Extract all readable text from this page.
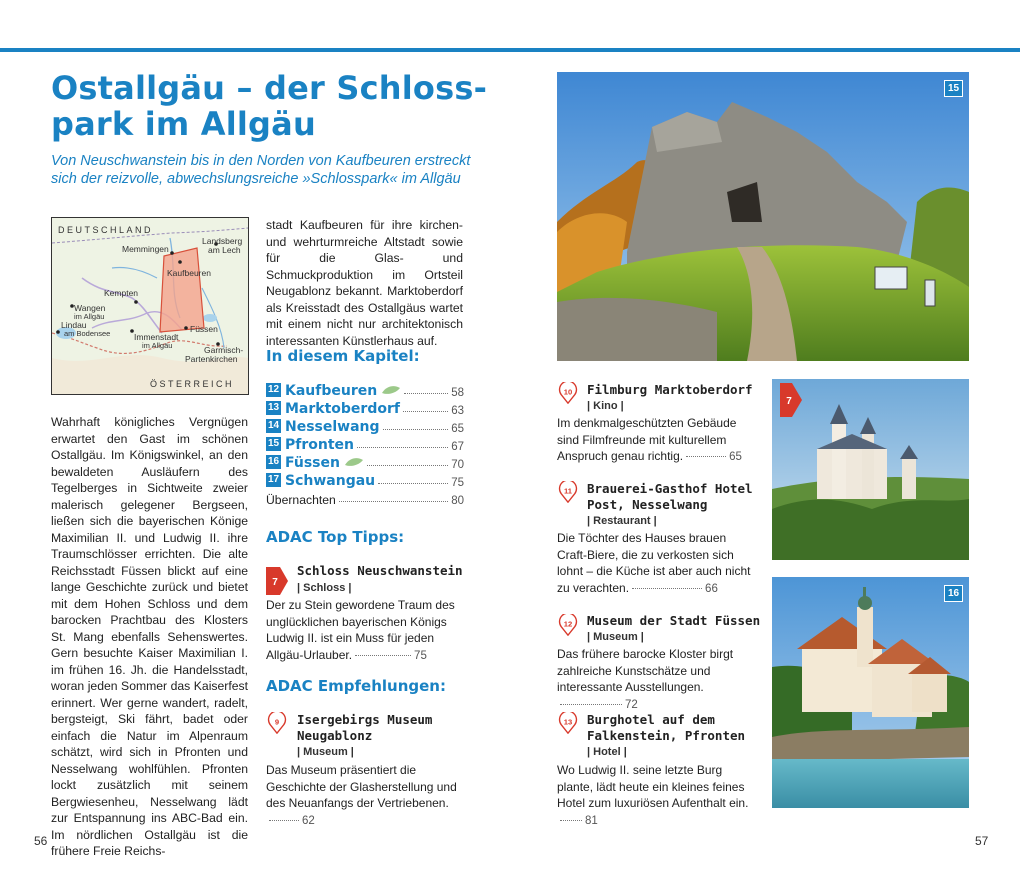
Ostallgäu – der Schloss-
park im Allgäu

Von Neuschwanstein bis in den Norden von Kaufbeuren erstreckt sich der reizvolle, abwechslungsreiche »Schlosspark« im Allgäu

DEUTSCHLAND
Memmingen
Landsberg
am Lech
Kaufbeuren
Kempten
Wangen
im Allgäu
Lindau
am Bodensee	Immenstadt
im Allgäu
Füssen
Garmisch-
Partenkirchen
ÖSTERREICH

Wahrhaft königliches Vergnügen erwartet den Gast im schönen Ostallgäu. Im Königswinkel, an den bewaldeten Ausläufern des Tegelberges in Sichtweite zweier malerisch gelegener Bergseen, ließen sich die bayerischen Könige Maximilian II. und Ludwig II. ihre Traumschlösser errichten. Die alte Reichsstadt Füssen blickt auf eine lange Geschichte zurück und bietet mit dem Hohen Schloss und dem barocken Prachtbau des Klosters St. Mang ebenfalls Sehenswertes. Gern besuchte Kaiser Maximilian I. im frühen 16. Jh. die Handelsstadt, woran jeden Sommer das Kaiserfest erinnert. Wer gerne wandert, radelt, bergsteigt, Ski fährt, badet oder einfach die Natur im Alpenraum schätzt, wird sich in Pfronten und Nesselwang wohlfühlen. Pfronten lockt zusätzlich mit seinem Bergwiesenheu, Nesselwang lädt zur Entspannung ins ABC-Bad ein. Im nördlichen Ostallgäu ist die frühere Freie Reichs-

stadt Kaufbeuren für ihre kirchen- und wehrturmreiche Altstadt sowie für die Glas- und Schmuckproduktion im Ortsteil Neugablonz bekannt. Marktoberdorf als Kreisstadt des Ostallgäus wartet mit einem nicht nur architektonisch interessanten Künstlerhaus auf.

In diesem Kapitel:
12 Kaufbeuren	58
13 Marktoberdorf	63
14 Nesselwang	65
15 Pfronten	67
16 Füssen	70
17 Schwangau	75
Übernachten	80
ADAC Top Tipps:
7
Schloss Neuschwanstein
| Schloss |
Der zu Stein gewordene Traum des unglücklichen bayerischen Königs Ludwig II. ist ein Muss für jeden Allgäu-Urlauber.	75
ADAC Empfehlungen:
9 Isergebirgs Museum
Neugablonz
| Museum |
Das Museum präsentiert die Geschichte der Glasherstellung und des Neuanfangs der Vertriebenen.62
10 Filmburg Marktoberdorf
| Kino |
Im denkmalgeschützten Gebäude sind Filmfreunde mit kulturellem Anspruch genau richtig.	65
11 Brauerei-Gasthof Hotel
Post, Nesselwang
| Restaurant |
Die Töchter des Hauses brauen Craft-Biere, die zu verkosten sich lohnt – die Küche ist aber auch nicht zu verachten.	66
12 Museum der Stadt Füssen
| Museum |
Das frühere barocke Kloster birgt zahlreiche Kunstschätze und interessante Ausstellungen.72
13 Burghotel auf dem
Falkenstein, Pfronten
| Hotel |
Wo Ludwig II. seine letzte Burg plante, lädt heute ein kleines feines Hotel zum luxuriösen Aufenthalt ein.81
15
7
16
56	57
